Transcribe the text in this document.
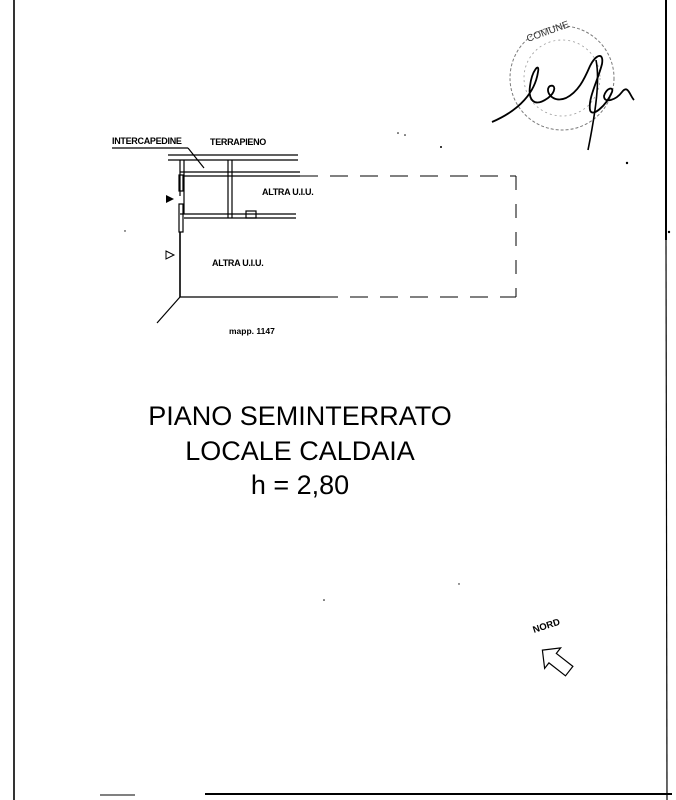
COMUNE
INTERCAPEDINE	TERRAPIENO
ALTRA U.I.U.
ALTRA U.I.U.
mapp. 1147
PIANO SEMINTERRATO
LOCALE CALDAIA
h = 2,80
NORD
